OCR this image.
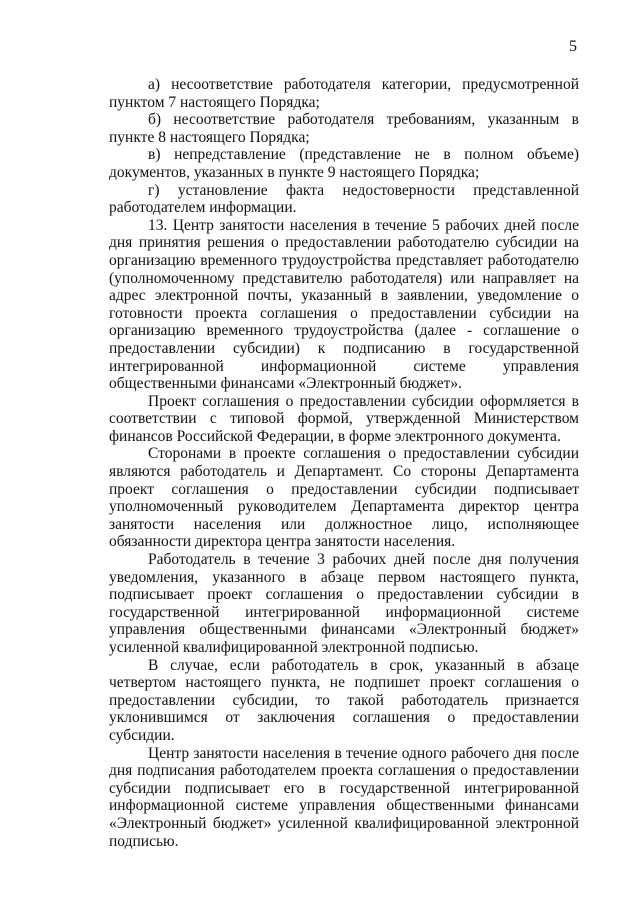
5

а) несоответствие работодателя категории, предусмотренной пунктом 7 настоящего Порядка;

б) несоответствие работодателя требованиям, указанным в пункте 8 настоящего Порядка;

в) непредставление (представление не в полном объеме) документов, указанных в пункте 9 настоящего Порядка;

г) установление факта недостоверности представленной работодателем информации.

13. Центр занятости населения в течение 5 рабочих дней после дня принятия решения о предоставлении работодателю субсидии на организацию временного трудоустройства представляет работодателю (уполномоченному представителю работодателя) или направляет на адрес электронной почты, указанный в заявлении, уведомление о готовности проекта соглашения о предоставлении субсидии на организацию временного трудоустройства (далее - соглашение о предоставлении субсидии) к подписанию в государственной интегрированной информационной системе управления общественными финансами «Электронный бюджет».

Проект соглашения о предоставлении субсидии оформляется в соответствии с типовой формой, утвержденной Министерством финансов Российской Федерации, в форме электронного документа.

Сторонами в проекте соглашения о предоставлении субсидии являются работодатель и Департамент. Со стороны Департамента проект соглашения о предоставлении субсидии подписывает уполномоченный руководителем Департамента директор центра занятости населения или должностное лицо, исполняющее обязанности директора центра занятости населения.

Работодатель в течение 3 рабочих дней после дня получения уведомления, указанного в абзаце первом настоящего пункта, подписывает проект соглашения о предоставлении субсидии в государственной интегрированной информационной системе управления общественными финансами «Электронный бюджет» усиленной квалифицированной электронной подписью.

В случае, если работодатель в срок, указанный в абзаце четвертом настоящего пункта, не подпишет проект соглашения о предоставлении субсидии, то такой работодатель признается уклонившимся от заключения соглашения о предоставлении субсидии.

Центр занятости населения в течение одного рабочего дня после дня подписания работодателем проекта соглашения о предоставлении субсидии подписывает его в государственной интегрированной информационной системе управления общественными финансами «Электронный бюджет» усиленной квалифицированной электронной подписью.
